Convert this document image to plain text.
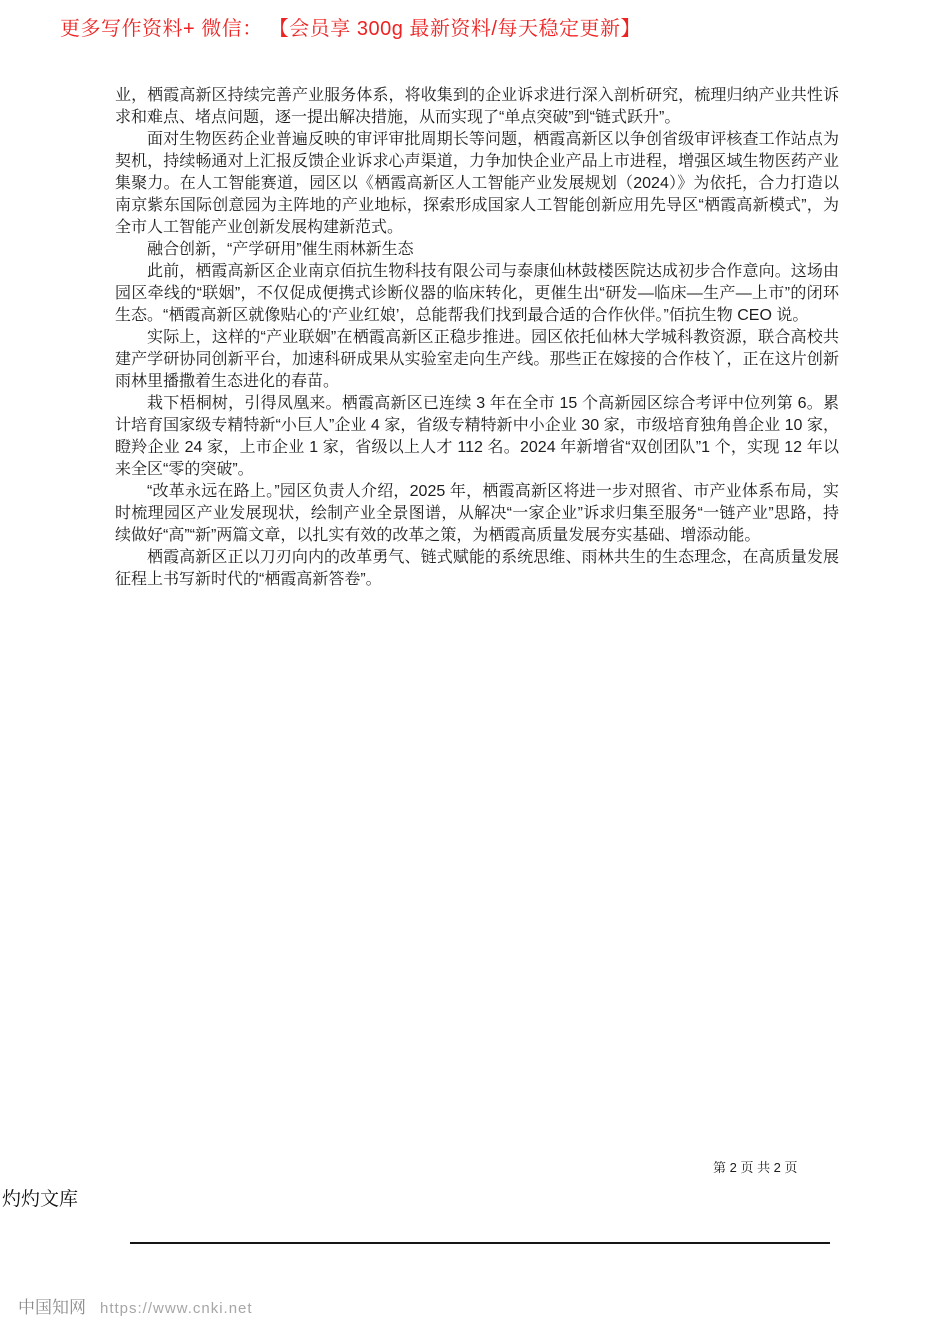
更多写作资料+ 微信： 【会员享 300g 最新资料/每天稳定更新】

业，栖霞高新区持续完善产业服务体系，将收集到的企业诉求进行深入剖析研究，梳理归纳产业共性诉求和难点、堵点问题，逐一提出解决措施，从而实现了“单点突破”到“链式跃升”。

面对生物医药企业普遍反映的审评审批周期长等问题，栖霞高新区以争创省级审评核查工作站点为契机，持续畅通对上汇报反馈企业诉求心声渠道，力争加快企业产品上市进程，增强区域生物医药产业集聚力。在人工智能赛道，园区以《栖霞高新区人工智能产业发展规划（2024）》为依托，合力打造以南京紫东国际创意园为主阵地的产业地标，探索形成国家人工智能创新应用先导区“栖霞高新模式”，为全市人工智能产业创新发展构建新范式。

融合创新，“产学研用”催生雨林新生态

此前，栖霞高新区企业南京佰抗生物科技有限公司与泰康仙林鼓楼医院达成初步合作意向。这场由园区牵线的“联姻”，不仅促成便携式诊断仪器的临床转化，更催生出“研发—临床—生产—上市”的闭环生态。“栖霞高新区就像贴心的‘产业红娘’，总能帮我们找到最合适的合作伙伴。”佰抗生物 CEO 说。

实际上，这样的“产业联姻”在栖霞高新区正稳步推进。园区依托仙林大学城科教资源，联合高校共建产学研协同创新平台，加速科研成果从实验室走向生产线。那些正在嫁接的合作枝丫，正在这片创新雨林里播撒着生态进化的春苗。

栽下梧桐树，引得凤凰来。栖霞高新区已连续 3 年在全市 15 个高新园区综合考评中位列第 6。累计培育国家级专精特新“小巨人”企业 4 家，省级专精特新中小企业 30 家，市级培育独角兽企业 10 家，瞪羚企业 24 家，上市企业 1 家，省级以上人才 112 名。2024 年新增省“双创团队”1 个，实现 12 年以来全区“零的突破”。

“改革永远在路上。”园区负责人介绍，2025 年，栖霞高新区将进一步对照省、市产业体系布局，实时梳理园区产业发展现状，绘制产业全景图谱，从解决“一家企业”诉求归集至服务“一链产业”思路，持续做好“高”“新”两篇文章，以扎实有效的改革之策，为栖霞高质量发展夯实基础、增添动能。

栖霞高新区正以刀刃向内的改革勇气、链式赋能的系统思维、雨林共生的生态理念，在高质量发展征程上书写新时代的“栖霞高新答卷”。

第 2 页 共 2 页
灼灼文库
中国知网 https://www.cnki.net
